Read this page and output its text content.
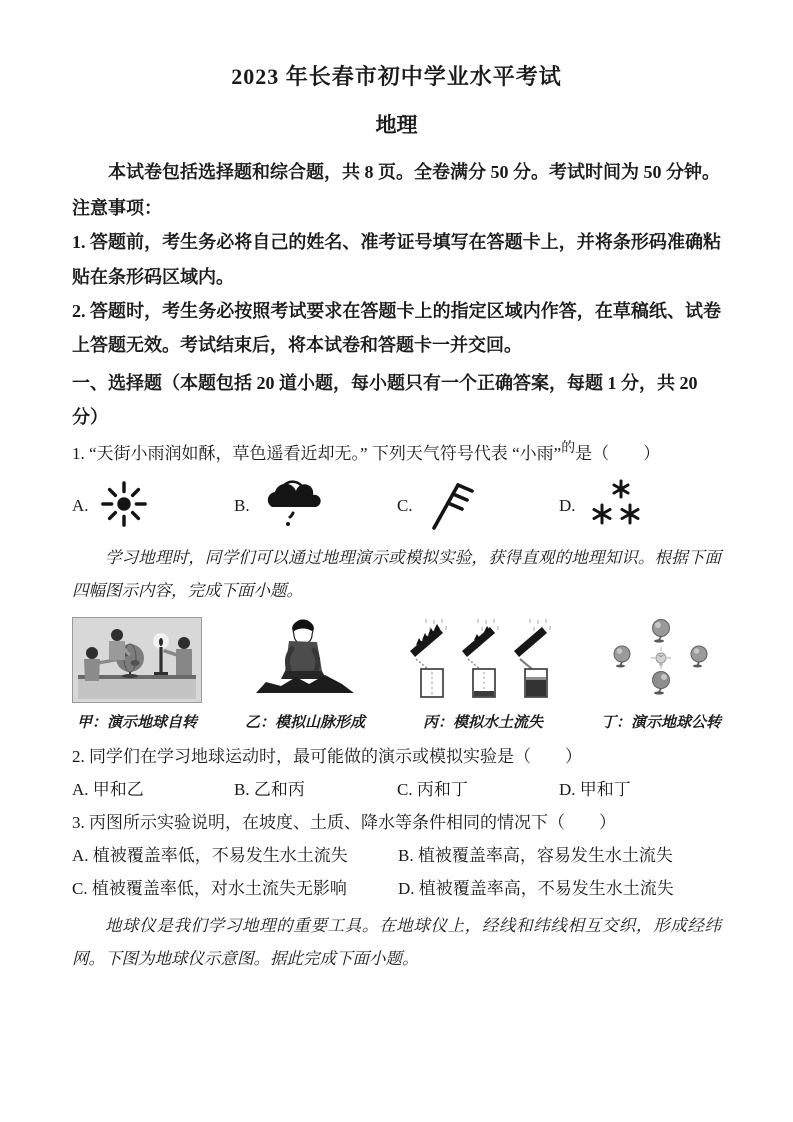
2023 年长春市初中学业水平考试
地理

本试卷包括选择题和综合题，共 8 页。全卷满分 50 分。考试时间为 50 分钟。

注意事项：

1. 答题前，考生务必将自己的姓名、准考证号填写在答题卡上，并将条形码准确粘贴在条形码区域内。

2. 答题时，考生务必按照考试要求在答题卡上的指定区域内作答，在草稿纸、试卷上答题无效。考试结束后，将本试卷和答题卡一并交回。

一、选择题（本题包括 20 道小题，每小题只有一个正确答案，每题 1 分，共 20 分）

1. “天街小雨润如酥，草色遥看近却无。” 下列天气符号代表 “小雨”$^的$是（　　）

A.	B.	C.	D.

学习地理时，同学们可以通过地理演示或模拟实验，获得直观的地理知识。根据下面四幅图示内容，完成下面小题。

甲：演示地球自转	乙：模拟山脉形成	丙：模拟水土流失	丁：演示地球公转

2. 同学们在学习地球运动时，最可能做的演示或模拟实验是（　　）

A. 甲和乙	B. 乙和丙	C. 丙和丁	D. 甲和丁

3. 丙图所示实验说明，在坡度、土质、降水等条件相同的情况下（　　）

A. 植被覆盖率低，不易发生水土流失	B. 植被覆盖率高，容易发生水土流失
C. 植被覆盖率低，对水土流失无影响	D. 植被覆盖率高，不易发生水土流失

地球仪是我们学习地理的重要工具。在地球仪上，经线和纬线相互交织，形成经纬网。下图为地球仪示意图。据此完成下面小题。
